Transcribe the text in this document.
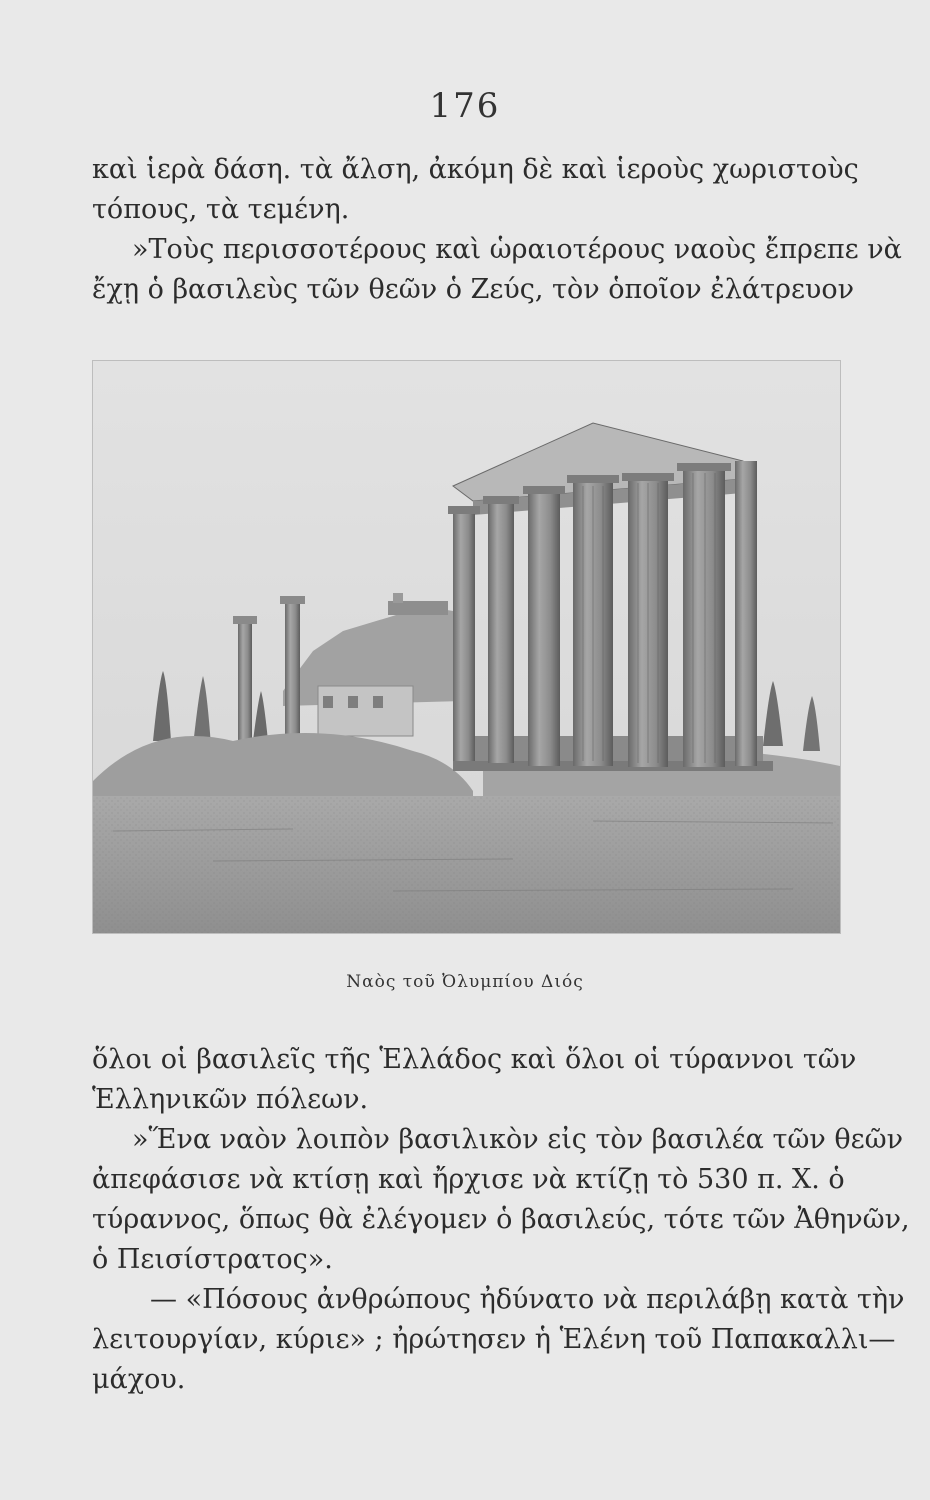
176
καὶ ἱερὰ δάση. τὰ ἄλση, ἀκόμη δὲ καὶ ἱεροὺς χωριστοὺς
τόπους, τὰ τεμένη.
»Τοὺς περισσοτέρους καὶ ὡραιοτέρους ναοὺς ἔπρεπε νὰ
ἔχῃ ὁ βασιλεὺς τῶν θεῶν ὁ Ζεύς, τὸν ὁποῖον ἐλάτρευον
Ναὸς τοῦ Ὀλυμπίου Διός
ὅλοι οἱ βασιλεῖς τῆς Ἑλλάδος καὶ ὅλοι οἱ τύραννοι τῶν
Ἑλληνικῶν πόλεων.
»Ἕνα ναὸν λοιπὸν βασιλικὸν εἰς τὸν βασιλέα τῶν θεῶν
ἀπεφάσισε νὰ κτίσῃ καὶ ἤρχισε νὰ κτίζῃ τὸ 530 π. Χ. ὁ
τύραννος, ὅπως θὰ ἐλέγομεν ὁ βασιλεύς, τότε τῶν Ἀθηνῶν,
ὁ Πεισίστρατος».
— «Πόσους ἀνθρώπους ἠδύνατο νὰ περιλάβῃ κατὰ τὴν
λειτουργίαν, κύριε» ; ἠρώτησεν ἡ Ἑλένη τοῦ Παπακαλλι—
μάχου.
